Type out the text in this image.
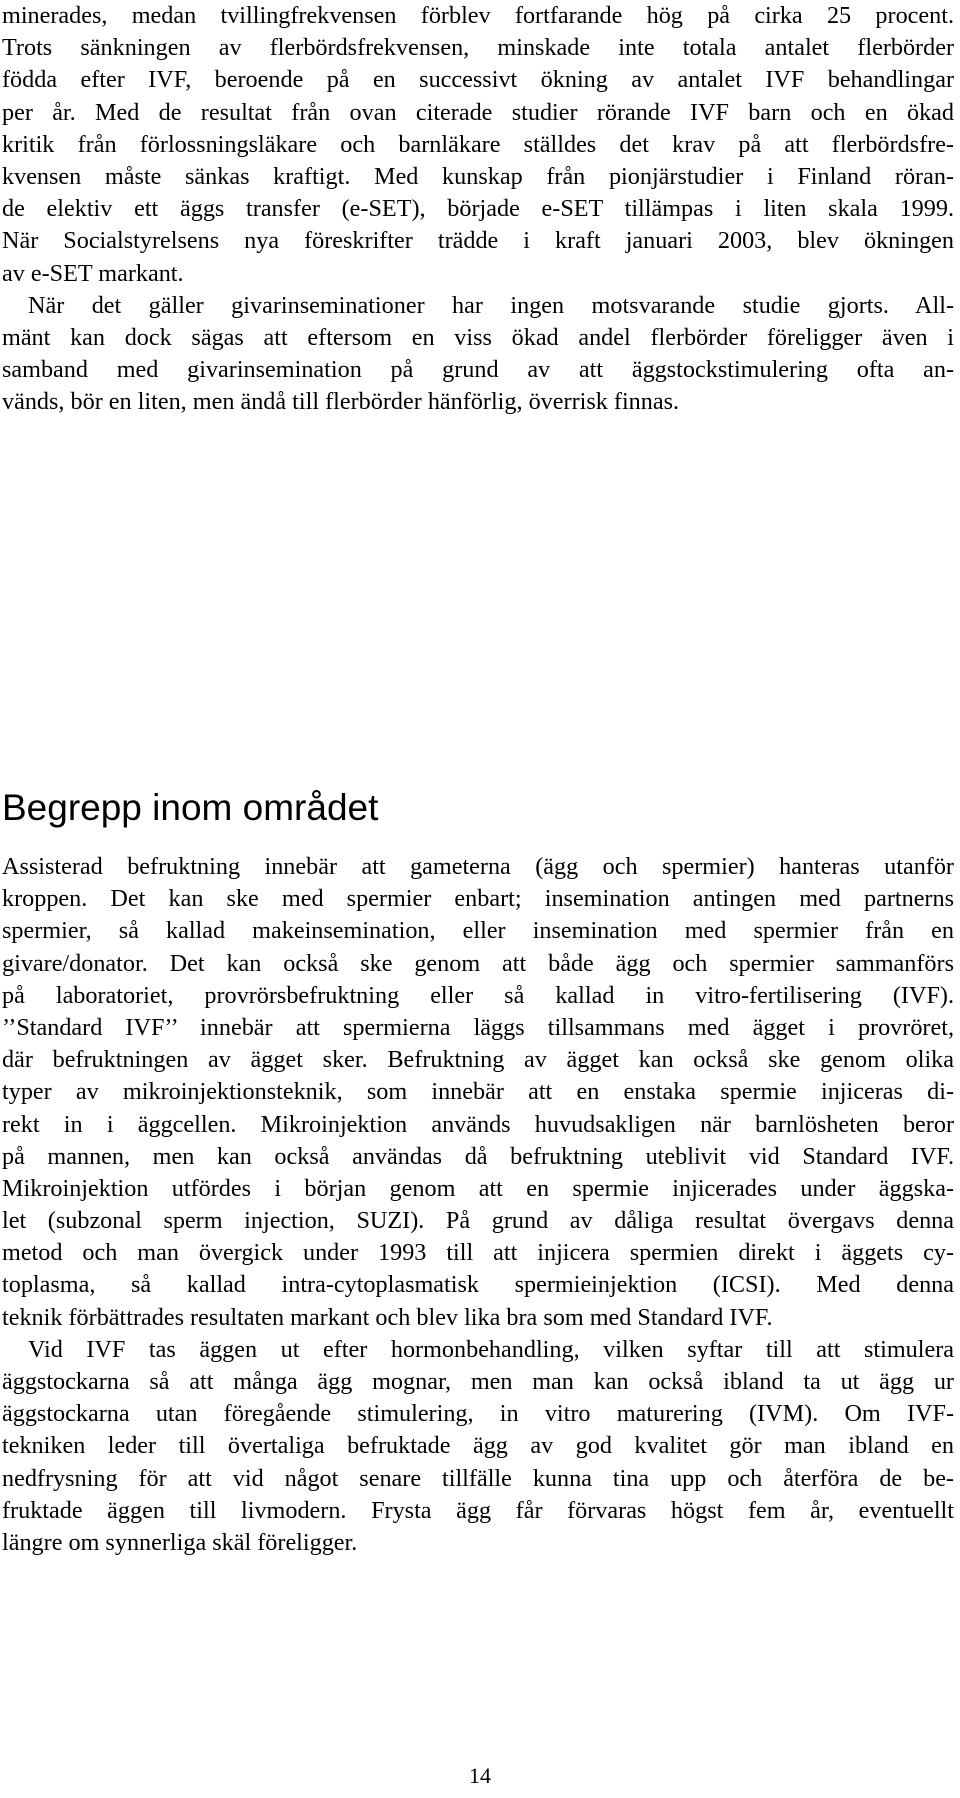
minerades, medan tvillingfrekvensen förblev fortfarande hög på cirka 25 procent.
Trots sänkningen av flerbördsfrekvensen, minskade inte totala antalet flerbörder
födda efter IVF, beroende på en successivt ökning av antalet IVF behandlingar
per år. Med de resultat från ovan citerade studier rörande IVF barn och en ökad
kritik från förlossningsläkare och barnläkare ställdes det krav på att flerbördsfre-
kvensen måste sänkas kraftigt. Med kunskap från pionjärstudier i Finland röran-
de elektiv ett äggs transfer (e-SET), började e-SET tillämpas i liten skala 1999.
När Socialstyrelsens nya föreskrifter trädde i kraft januari 2003, blev ökningen
av e-SET markant.
När det gäller givarinseminationer har ingen motsvarande studie gjorts. All-
mänt kan dock sägas att eftersom en viss ökad andel flerbörder föreligger även i
samband med givarinsemination på grund av att äggstockstimulering ofta an-
vänds, bör en liten, men ändå till flerbörder hänförlig, överrisk finnas.
Begrepp inom området
Assisterad befruktning innebär att gameterna (ägg och spermier) hanteras utanför
kroppen. Det kan ske med spermier enbart; insemination antingen med partnerns
spermier, så kallad makeinsemination, eller insemination med spermier från en
givare/donator. Det kan också ske genom att både ägg och spermier sammanförs
på laboratoriet, provrörsbefruktning eller så kallad in vitro-fertilisering (IVF).
’’Standard IVF’’ innebär att spermierna läggs tillsammans med ägget i provröret,
där befruktningen av ägget sker. Befruktning av ägget kan också ske genom olika
typer av mikroinjektionsteknik, som innebär att en enstaka spermie injiceras di-
rekt in i äggcellen. Mikroinjektion används huvudsakligen när barnlösheten beror
på mannen, men kan också användas då befruktning uteblivit vid Standard IVF.
Mikroinjektion utfördes i början genom att en spermie injicerades under äggska-
let (subzonal sperm injection, SUZI). På grund av dåliga resultat övergavs denna
metod och man övergick under 1993 till att injicera spermien direkt i äggets cy-
toplasma, så kallad intra-cytoplasmatisk spermieinjektion (ICSI). Med denna
teknik förbättrades resultaten markant och blev lika bra som med Standard IVF.
Vid IVF tas äggen ut efter hormonbehandling, vilken syftar till att stimulera
äggstockarna så att många ägg mognar, men man kan också ibland ta ut ägg ur
äggstockarna utan föregående stimulering, in vitro maturering (IVM). Om IVF-
tekniken leder till övertaliga befruktade ägg av god kvalitet gör man ibland en
nedfrysning för att vid något senare tillfälle kunna tina upp och återföra de be-
fruktade äggen till livmodern. Frysta ägg får förvaras högst fem år, eventuellt
längre om synnerliga skäl föreligger.
14
